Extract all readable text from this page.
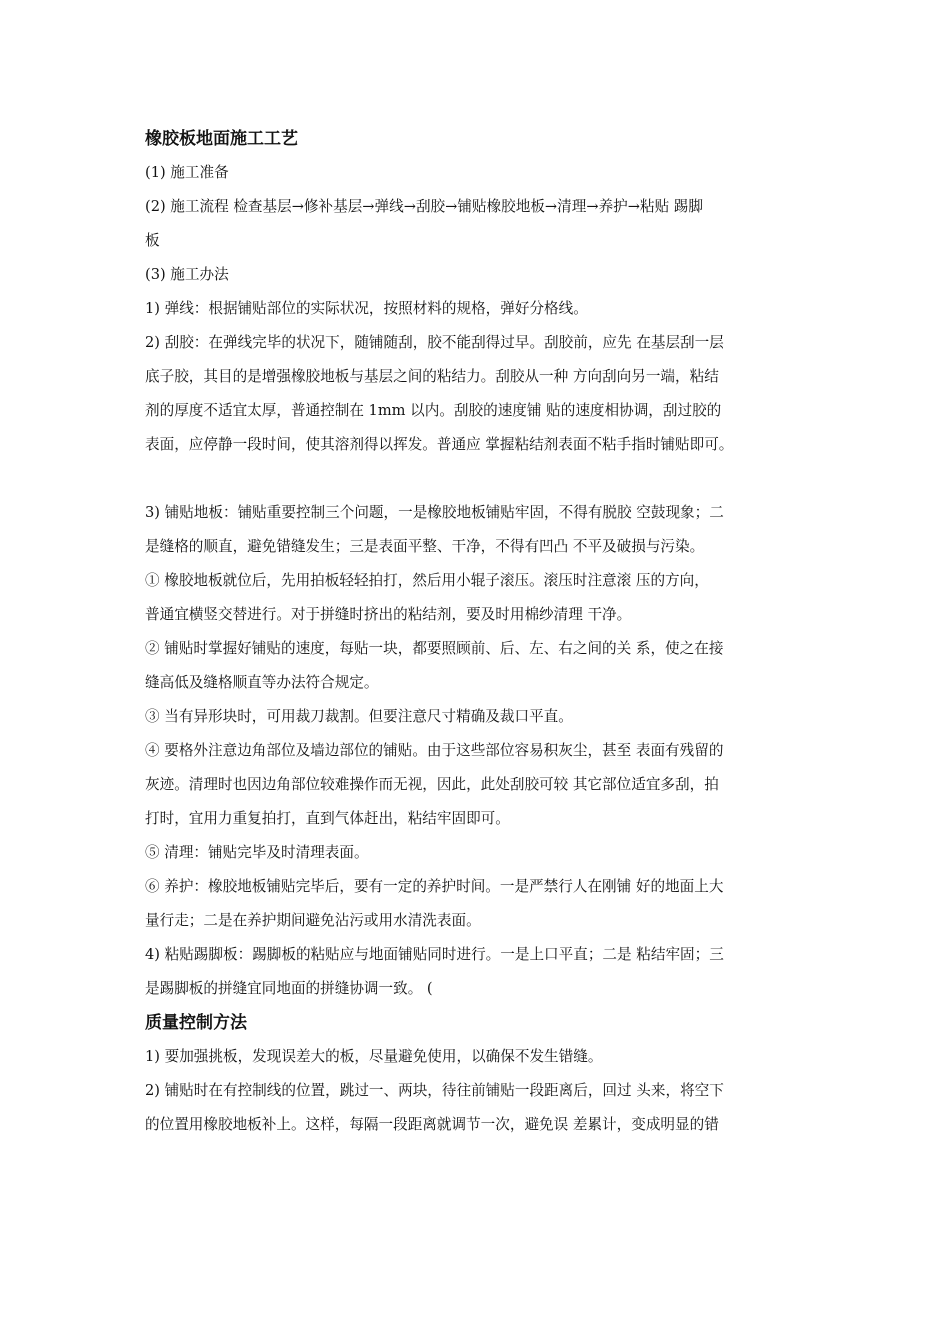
橡胶板地面施工工艺
(1) 施工准备
(2) 施工流程 检查基层→修补基层→弹线→刮胶→铺贴橡胶地板→清理→养护→粘贴 踢脚
板
(3) 施工办法
1) 弹线：根据铺贴部位的实际状况，按照材料的规格，弹好分格线。
2) 刮胶：在弹线完毕的状况下，随铺随刮，胶不能刮得过早。刮胶前，应先 在基层刮一层
底子胶，其目的是增强橡胶地板与基层之间的粘结力。刮胶从一种 方向刮向另一端，粘结
剂的厚度不适宜太厚，普通控制在 1mm 以内。刮胶的速度铺 贴的速度相协调，刮过胶的
表面，应停静一段时间，使其溶剂得以挥发。普通应 掌握粘结剂表面不粘手指时铺贴即可。
3) 铺贴地板：铺贴重要控制三个问题，一是橡胶地板铺贴牢固，不得有脱胶 空鼓现象；二
是缝格的顺直，避免错缝发生；三是表面平整、干净，不得有凹凸 不平及破损与污染。
① 橡胶地板就位后，先用拍板轻轻拍打，然后用小辊子滚压。滚压时注意滚 压的方向，
普通宜横竖交替进行。对于拼缝时挤出的粘结剂，要及时用棉纱清理 干净。
② 铺贴时掌握好铺贴的速度，每贴一块，都要照顾前、后、左、右之间的关 系，使之在接
缝高低及缝格顺直等办法符合规定。
③ 当有异形块时，可用裁刀裁割。但要注意尺寸精确及裁口平直。
④ 要格外注意边角部位及墙边部位的铺贴。由于这些部位容易积灰尘，甚至 表面有残留的
灰迹。清理时也因边角部位较难操作而无视，因此，此处刮胶可较 其它部位适宜多刮，拍
打时，宜用力重复拍打，直到气体赶出，粘结牢固即可。
⑤ 清理：铺贴完毕及时清理表面。
⑥ 养护：橡胶地板铺贴完毕后，要有一定的养护时间。一是严禁行人在刚铺 好的地面上大
量行走；二是在养护期间避免沾污或用水清洗表面。
4) 粘贴踢脚板：踢脚板的粘贴应与地面铺贴同时进行。一是上口平直；二是 粘结牢固；三
是踢脚板的拼缝宜同地面的拼缝协调一致。 (
质量控制方法
1) 要加强挑板，发现误差大的板，尽量避免使用，以确保不发生错缝。
2) 铺贴时在有控制线的位置，跳过一、两块，待往前铺贴一段距离后，回过 头来，将空下
的位置用橡胶地板补上。这样，每隔一段距离就调节一次，避免误 差累计，变成明显的错
